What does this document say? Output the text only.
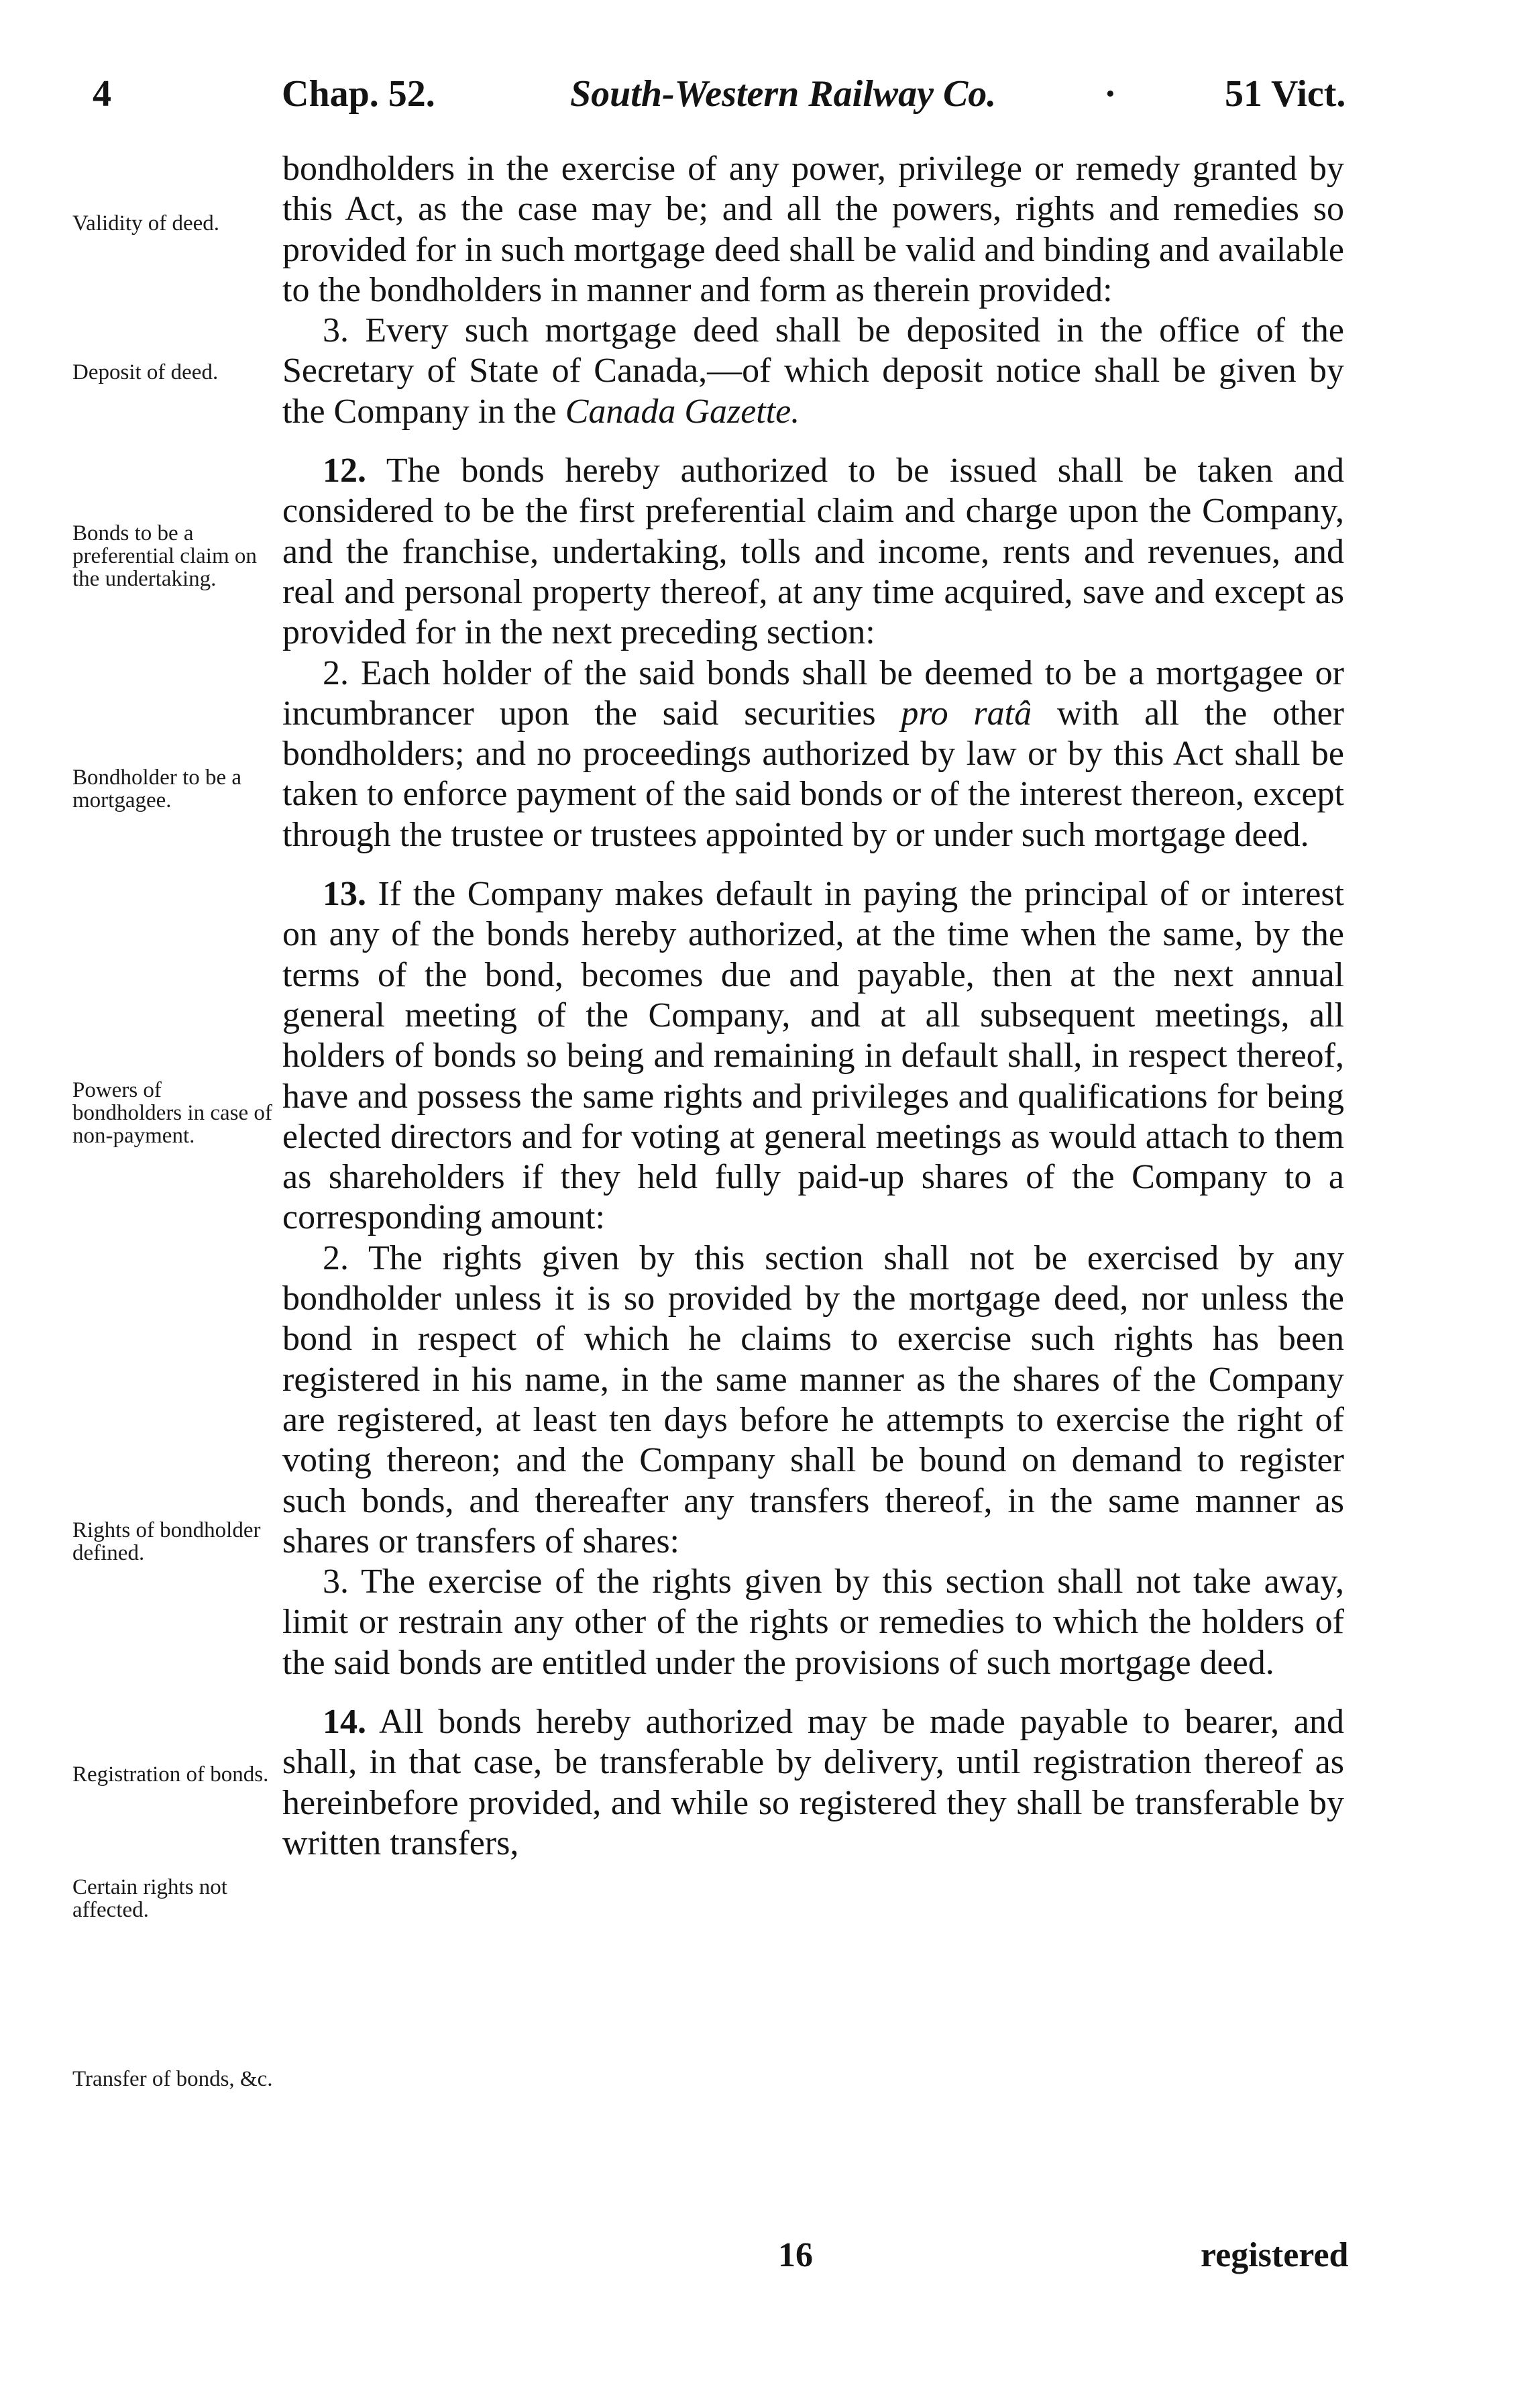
4	Chap. 52.	South-Western Railway Co.	·	51 Vict.
Validity of deed.
Deposit of deed.
Bonds to be a preferential claim on the undertaking.
Bondholder to be a mortgagee.
Powers of bondholders in case of non-payment.
Rights of bondholder defined.
Registration of bonds.
Certain rights not affected.
Transfer of bonds, &c.

bondholders in the exercise of any power, privilege or remedy granted by this Act, as the case may be; and all the powers, rights and remedies so provided for in such mortgage deed shall be valid and binding and available to the bondholders in manner and form as therein provided:

3. Every such mortgage deed shall be deposited in the office of the Secretary of State of Canada,—of which deposit notice shall be given by the Company in the Canada Gazette.

12. The bonds hereby authorized to be issued shall be taken and considered to be the first preferential claim and charge upon the Company, and the franchise, undertaking, tolls and income, rents and revenues, and real and personal property thereof, at any time acquired, save and except as provided for in the next preceding section:

2. Each holder of the said bonds shall be deemed to be a mortgagee or incumbrancer upon the said securities pro ratâ with all the other bondholders; and no proceedings authorized by law or by this Act shall be taken to enforce payment of the said bonds or of the interest thereon, except through the trustee or trustees appointed by or under such mortgage deed.

13. If the Company makes default in paying the principal of or interest on any of the bonds hereby authorized, at the time when the same, by the terms of the bond, becomes due and payable, then at the next annual general meeting of the Company, and at all subsequent meetings, all holders of bonds so being and remaining in default shall, in respect thereof, have and possess the same rights and privileges and qualifications for being elected directors and for voting at general meetings as would attach to them as shareholders if they held fully paid-up shares of the Company to a corresponding amount:

2. The rights given by this section shall not be exercised by any bondholder unless it is so provided by the mortgage deed, nor unless the bond in respect of which he claims to exercise such rights has been registered in his name, in the same manner as the shares of the Company are registered, at least ten days before he attempts to exercise the right of voting thereon; and the Company shall be bound on demand to register such bonds, and thereafter any transfers thereof, in the same manner as shares or transfers of shares:

3. The exercise of the rights given by this section shall not take away, limit or restrain any other of the rights or remedies to which the holders of the said bonds are entitled under the provisions of such mortgage deed.

14. All bonds hereby authorized may be made payable to bearer, and shall, in that case, be transferable by delivery, until registration thereof as hereinbefore provided, and while so registered they shall be transferable by written transfers,

16	registered
